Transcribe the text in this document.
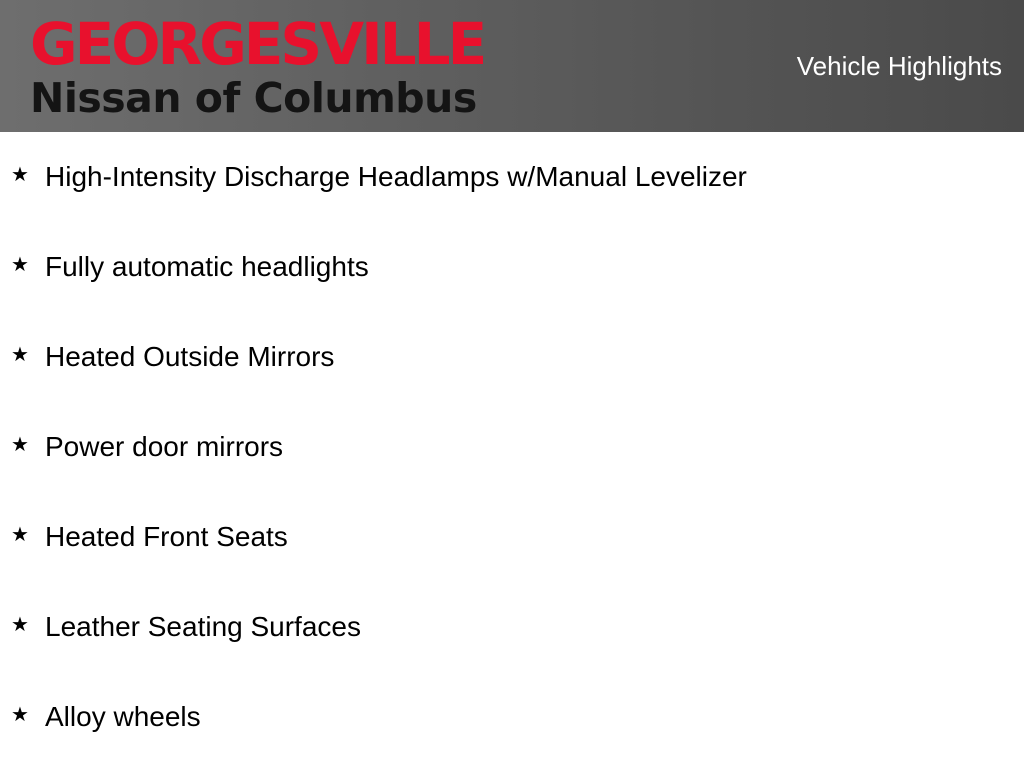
GEORGESVILLE
Nissan of Columbus
Vehicle Highlights
★ High-Intensity Discharge Headlamps w/Manual Levelizer
★ Fully automatic headlights
★ Heated Outside Mirrors
★ Power door mirrors
★ Heated Front Seats
★ Leather Seating Surfaces
★ Alloy wheels
